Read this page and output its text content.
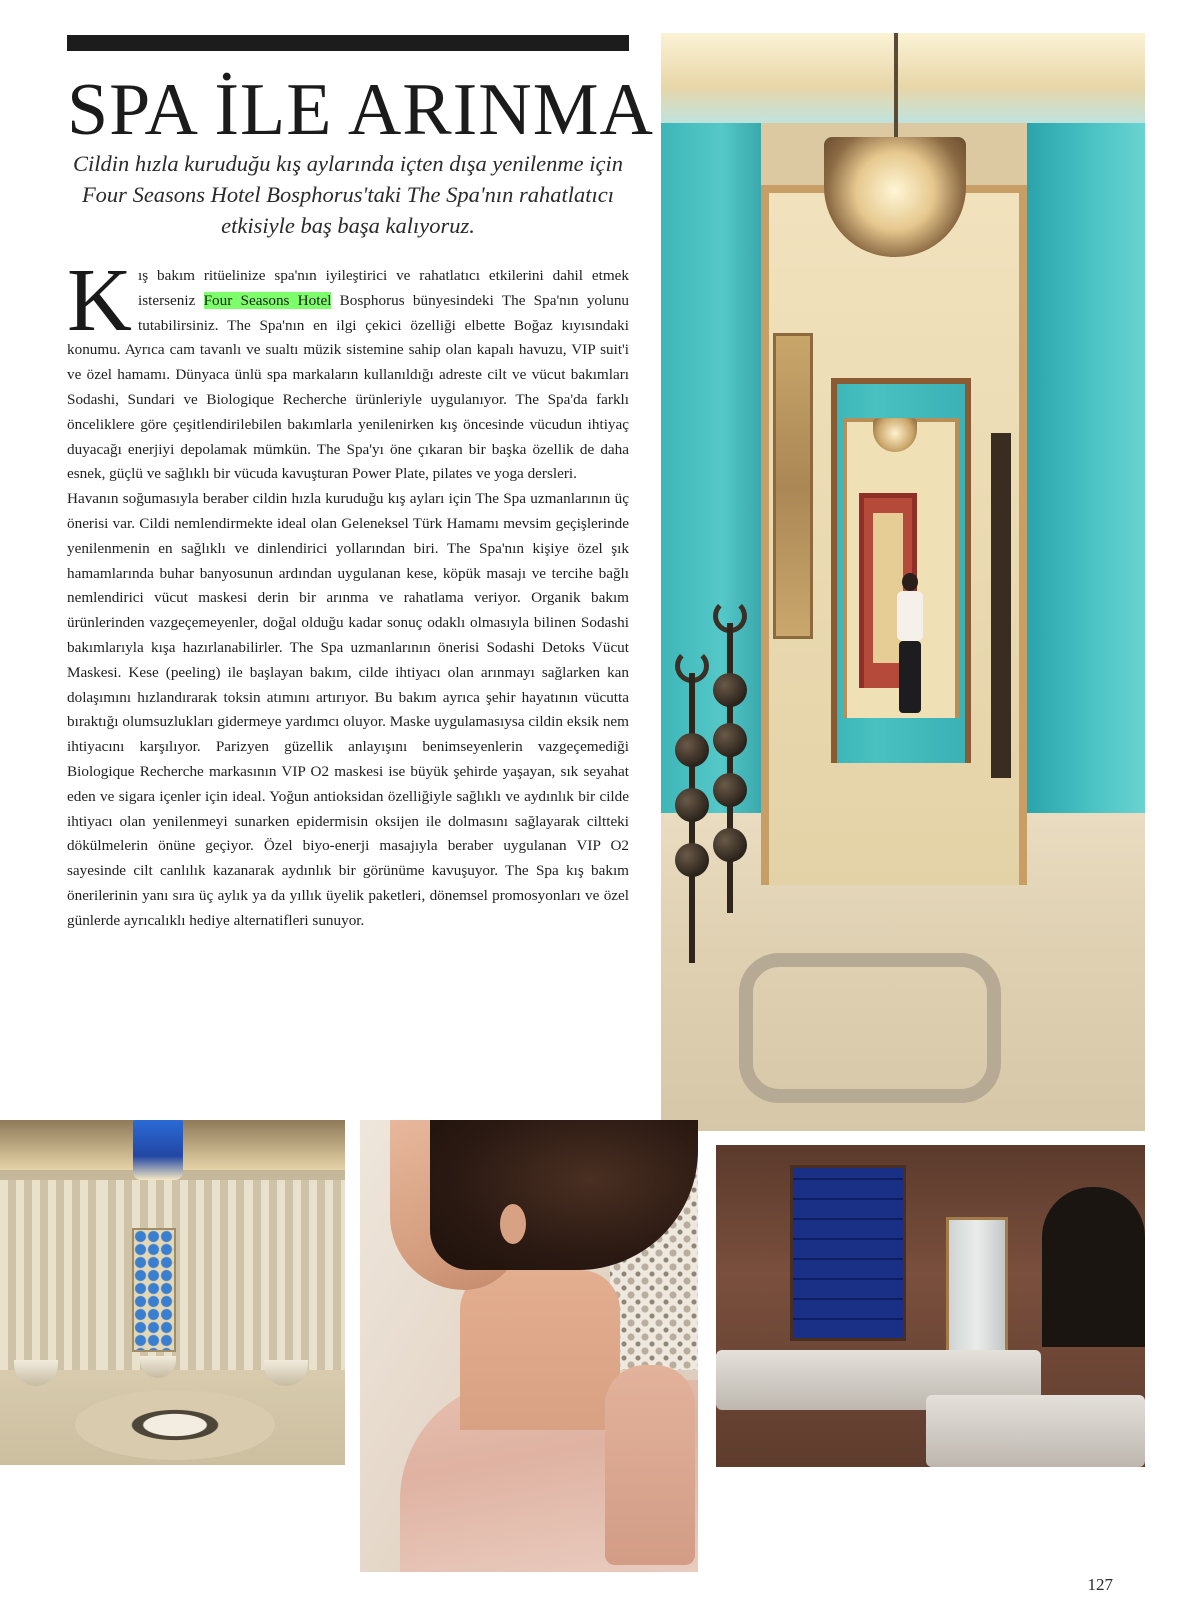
SPA İLE ARINMA

Cildin hızla kuruduğu kış aylarında içten dışa yenilenme için Four Seasons Hotel Bosphorus'taki The Spa'nın rahatlatıcı etkisiyle baş başa kalıyoruz.

Kış bakım ritüelinize spa'nın iyileştirici ve rahatlatıcı etkilerini dahil etmek isterseniz Four Seasons Hotel Bosphorus bünyesindeki The Spa'nın yolunu tutabilirsiniz. The Spa'nın en ilgi çekici özelliği elbette Boğaz kıyısındaki konumu. Ayrıca cam tavanlı ve sualtı müzik sistemine sahip olan kapalı havuzu, VIP suit'i ve özel hamamı. Dünyaca ünlü spa markaların kullanıldığı adreste cilt ve vücut bakımları Sodashi, Sundari ve Biologique Recherche ürünleriyle uygulanıyor. The Spa'da farklı önceliklere göre çeşitlendirilebilen bakımlarla yenilenirken kış öncesinde vücudun ihtiyaç duyacağı enerjiyi depolamak mümkün. The Spa'yı öne çıkaran bir başka özellik de daha esnek, güçlü ve sağlıklı bir vücuda kavuşturan Power Plate, pilates ve yoga dersleri.

Havanın soğumasıyla beraber cildin hızla kuruduğu kış ayları için The Spa uzmanlarının üç önerisi var. Cildi nemlendirmekte ideal olan Geleneksel Türk Hamamı mevsim geçişlerinde yenilenmenin en sağlıklı ve dinlendirici yollarından biri. The Spa'nın kişiye özel şık hamamlarında buhar banyosunun ardından uygulanan kese, köpük masajı ve tercihe bağlı nemlendirici vücut maskesi derin bir arınma ve rahatlama veriyor. Organik bakım ürünlerinden vazgeçemeyenler, doğal olduğu kadar sonuç odaklı olmasıyla bilinen Sodashi bakımlarıyla kışa hazırlanabilirler. The Spa uzmanlarının önerisi Sodashi Detoks Vücut Maskesi. Kese (peeling) ile başlayan bakım, cilde ihtiyacı olan arınmayı sağlarken kan dolaşımını hızlandırarak toksin atımını artırıyor. Bu bakım ayrıca şehir hayatının vücutta bıraktığı olumsuzlukları gidermeye yardımcı oluyor. Maske uygulamasıysa cildin eksik nem ihtiyacını karşılıyor. Parizyen güzellik anlayışını benimseyenlerin vazgeçemediği Biologique Recherche markasının VIP O2 maskesi ise büyük şehirde yaşayan, sık seyahat eden ve sigara içenler için ideal. Yoğun antioksidan özelliğiyle sağlıklı ve aydınlık bir cilde ihtiyacı olan yenilenmeyi sunarken epidermisin oksijen ile dolmasını sağlayarak ciltteki dökülmelerin önüne geçiyor. Özel biyo-enerji masajıyla beraber uygulanan VIP O2 sayesinde cilt canlılık kazanarak aydınlık bir görünüme kavuşuyor. The Spa kış bakım önerilerinin yanı sıra üç aylık ya da yıllık üyelik paketleri, dönemsel promosyonları ve özel günlerde ayrıcalıklı hediye alternatifleri sunuyor.

127
